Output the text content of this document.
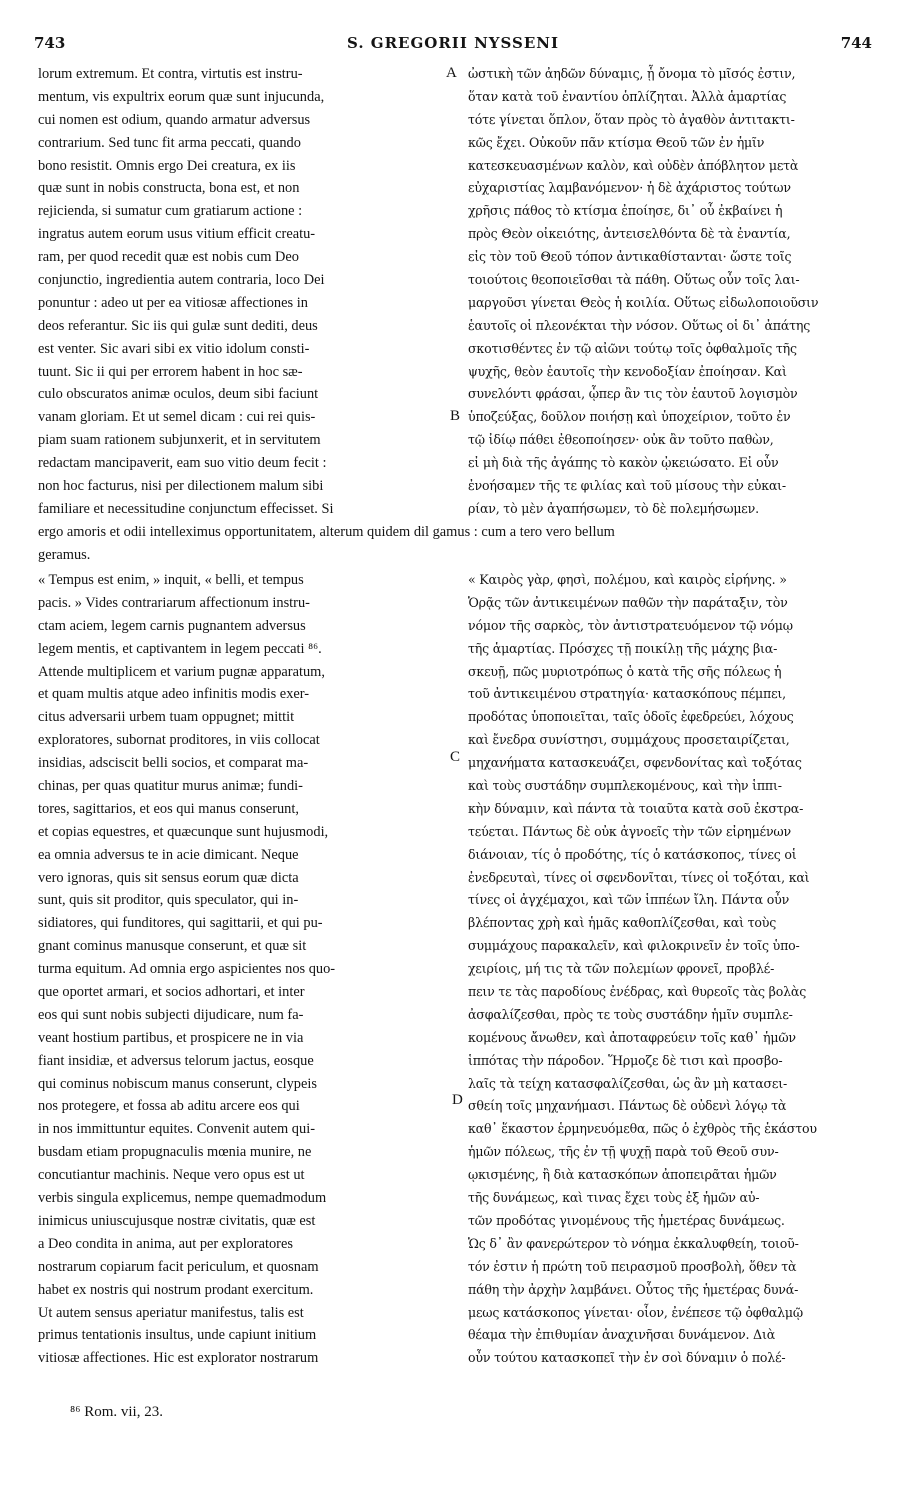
743	S. GREGORII NYSSENI	744
lorum extremum. Et contra, virtutis est instru-
mentum, vis expultrix eorum quæ sunt injucunda,
cui nomen est odium, quando armatur adversus
contrarium. Sed tunc fit arma peccati, quando
bono resistit. Omnis ergo Dei creatura, ex iis
quæ sunt in nobis constructa, bona est, et non
rejicienda, si sumatur cum gratiarum actione :
ingratus autem eorum usus vitium efficit creatu-
ram, per quod recedit quæ est nobis cum Deo
conjunctio, ingredientia autem contraria, loco Dei
ponuntur : adeo ut per ea vitiosæ affectiones in
deos referantur. Sic iis qui gulæ sunt dediti, deus
est venter. Sic avari sibi ex vitio idolum consti-
tuunt. Sic ii qui per errorem habent in hoc sæ-
culo obscuratos animæ oculos, deum sibi faciunt
vanam gloriam. Et ut semel dicam : cui rei quis-
piam suam rationem subjunxerit, et in servitutem
redactam mancipaverit, eam suo vitio deum fecit :
non hoc facturus, nisi per dilectionem malum sibi
familiare et necessitudine conjunctum effecisset. Si
ὠστικὴ τῶν ἀηδῶν δύναμις, ᾗ ὄνομα τὸ μῖσός ἐστιν,
ὅταν κατὰ τοῦ ἐναντίου ὁπλίζηται. Ἀλλὰ ἁμαρτίας
τότε γίνεται ὅπλον, ὅταν πρὸς τὸ ἀγαθὸν ἀντιτακτι-
κῶς ἔχει. Οὐκοῦν πᾶν κτίσμα Θεοῦ τῶν ἐν ἡμῖν
κατεσκευασμένων καλὸν, καὶ οὐδὲν ἀπόβλητον μετὰ
εὐχαριστίας λαμβανόμενον· ἡ δὲ ἀχάριστος τούτων
χρῆσις πάθος τὸ κτίσμα ἐποίησε, δι᾽ οὗ ἐκβαίνει ἡ
πρὸς Θεὸν οἰκειότης, ἀντεισελθόντα δὲ τὰ ἐναντία,
εἰς τὸν τοῦ Θεοῦ τόπον ἀντικαθίστανται· ὥστε τοῖς
τοιούτοις θεοποιεῖσθαι τὰ πάθη. Οὕτως οὖν τοῖς λαι-
μαργοῦσι γίνεται Θεὸς ἡ κοιλία. Οὕτως εἰδωλοποιοῦσιν
ἑαυτοῖς οἱ πλεονέκται τὴν νόσον. Οὕτως οἱ δι᾽ ἀπάτης
σκοτισθέντες ἐν τῷ αἰῶνι τούτῳ τοῖς ὀφθαλμοῖς τῆς
ψυχῆς, θεὸν ἑαυτοῖς τὴν κενοδοξίαν ἐποίησαν. Καὶ
συνελόντι φράσαι, ᾧπερ ἂν τις τὸν ἑαυτοῦ λογισμὸν
ὑποζεύξας, δοῦλον ποιήσῃ καὶ ὑποχείριον, τοῦτο ἐν
τῷ ἰδίῳ πάθει ἐθεοποίησεν· οὐκ ἂν τοῦτο παθὼν,
εἰ μὴ διὰ τῆς ἀγάπης τὸ κακὸν ᾠκειώσατο. Εἰ οὖν
ἐνοήσαμεν τῆς τε φιλίας καὶ τοῦ μίσους τὴν εὐκαι-
ρίαν, τὸ μὲν ἀγαπήσωμεν, τὸ δὲ πολεμήσωμεν.
A
B
C
D
ergo amoris et odii intelleximus opportunitatem, alterum quidem dil gamus : cum a tero vero bellum
geramus.
« Tempus est enim, » inquit, « belli, et tempus
pacis. » Vides contrariarum affectionum instru-
ctam aciem, legem carnis pugnantem adversus
legem mentis, et captivantem in legem peccati ⁸⁶.
Attende multiplicem et varium pugnæ apparatum,
et quam multis atque adeo infinitis modis exer-
citus adversarii urbem tuam oppugnet; mittit
exploratores, subornat proditores, in viis collocat
insidias, adsciscit belli socios, et comparat ma-
chinas, per quas quatitur murus animæ; fundi-
tores, sagittarios, et eos qui manus conserunt,
et copias equestres, et quæcunque sunt hujusmodi,
ea omnia adversus te in acie dimicant. Neque
vero ignoras, quis sit sensus eorum quæ dicta
sunt, quis sit proditor, quis speculator, qui in-
sidiatores, qui funditores, qui sagittarii, et qui pu-
gnant cominus manusque conserunt, et quæ sit
turma equitum. Ad omnia ergo aspicientes nos quo-
que oportet armari, et socios adhortari, et inter
eos qui sunt nobis subjecti dijudicare, num fa-
veant hostium partibus, et prospicere ne in via
fiant insidiæ, et adversus telorum jactus, eosque
qui cominus nobiscum manus conserunt, clypeis
nos protegere, et fossa ab aditu arcere eos qui
in nos immittuntur equites. Convenit autem qui-
busdam etiam propugnaculis mœnia munire, ne
concutiantur machinis. Neque vero opus est ut
verbis singula explicemus, nempe quemadmodum
inimicus uniuscujusque nostræ civitatis, quæ est
a Deo condita in anima, aut per exploratores
nostrarum copiarum facit periculum, et quosnam
habet ex nostris qui nostrum prodant exercitum.
Ut autem sensus aperiatur manifestus, talis est
primus tentationis insultus, unde capiunt initium
vitiosæ affectiones. Hic est explorator nostrarum
« Καιρὸς γὰρ, φησὶ, πολέμου, καὶ καιρὸς εἰρήνης. »
Ὁρᾷς τῶν ἀντικειμένων παθῶν τὴν παράταξιν, τὸν
νόμον τῆς σαρκὸς, τὸν ἀντιστρατευόμενον τῷ νόμῳ
τῆς ἁμαρτίας. Πρόσχες τῇ ποικίλῃ τῆς μάχης βια-
σκευῇ, πῶς μυριοτρόπως ὁ κατὰ τῆς σῆς πόλεως ἡ
τοῦ ἀντικειμένου στρατηγία· κατασκόπους πέμπει,
προδότας ὑποποιεῖται, ταῖς ὁδοῖς ἐφεδρεύει, λόχους
καὶ ἔνεδρα συνίστησι, συμμάχους προσεταιρίζεται,
μηχανήματα κατασκευάζει, σφενδονίτας καὶ τοξότας
καὶ τοὺς συστάδην συμπλεκομένους, καὶ τὴν ἱππι-
κὴν δύναμιν, καὶ πάντα τὰ τοιαῦτα κατὰ σοῦ ἐκστρα-
τεύεται. Πάντως δὲ οὐκ ἀγνοεῖς τὴν τῶν εἰρημένων
διάνοιαν, τίς ὁ προδότης, τίς ὁ κατάσκοπος, τίνες οἱ
ἐνεδρευταὶ, τίνες οἱ σφενδονῖται, τίνες οἱ τοξόται, καὶ
τίνες οἱ ἀγχέμαχοι, καὶ τῶν ἱππέων ἴλη. Πάντα οὖν
βλέποντας χρὴ καὶ ἡμᾶς καθοπλίζεσθαι, καὶ τοὺς
συμμάχους παρακαλεῖν, καὶ φιλοκρινεῖν ἐν τοῖς ὑπο-
χειρίοις, μή τις τὰ τῶν πολεμίων φρονεῖ, προβλέ-
πειν τε τὰς παροδίους ἐνέδρας, καὶ θυρεοῖς τὰς βολὰς
ἀσφαλίζεσθαι, πρὸς τε τοὺς συστάδην ἡμῖν συμπλε-
κομένους ἄνωθεν, καὶ ἀποταφρεύειν τοῖς καθ᾽ ἡμῶν
ἱππότας τὴν πάροδον. Ἥρμοζε δὲ τισι καὶ προσβο-
λαῖς τὰ τείχη κατασφαλίζεσθαι, ὡς ἂν μὴ κατασει-
σθείη τοῖς μηχανήμασι. Πάντως δὲ οὐδενὶ λόγῳ τὰ
καθ᾽ ἕκαστον ἑρμηνευόμεθα, πῶς ὁ ἐχθρὸς τῆς ἑκάστου
ἡμῶν πόλεως, τῆς ἐν τῇ ψυχῇ παρὰ τοῦ Θεοῦ συν-
ῳκισμένης, ἢ διὰ κατασκόπων ἀποπειρᾶται ἡμῶν
τῆς δυνάμεως, καὶ τινας ἔχει τοὺς ἐξ ἡμῶν αὐ-
τῶν προδότας γινομένους τῆς ἡμετέρας δυνάμεως.
Ὡς δ᾽ ἂν φανερώτερον τὸ νόημα ἐκκαλυφθείη, τοιοῦ-
τόν ἐστιν ἡ πρώτη τοῦ πειρασμοῦ προσβολὴ, ὅθεν τὰ
πάθη τὴν ἀρχὴν λαμβάνει. Οὗτος τῆς ἡμετέρας δυνά-
μεως κατάσκοπος γίνεται· οἷον, ἐνέπεσε τῷ ὀφθαλμῷ
θέαμα τὴν ἐπιθυμίαν ἀναχινῆσαι δυνάμενον. Διὰ
οὖν τούτου κατασκοπεῖ τὴν ἐν σοὶ δύναμιν ὁ πολέ-
⁸⁶ Rom. vii, 23.
